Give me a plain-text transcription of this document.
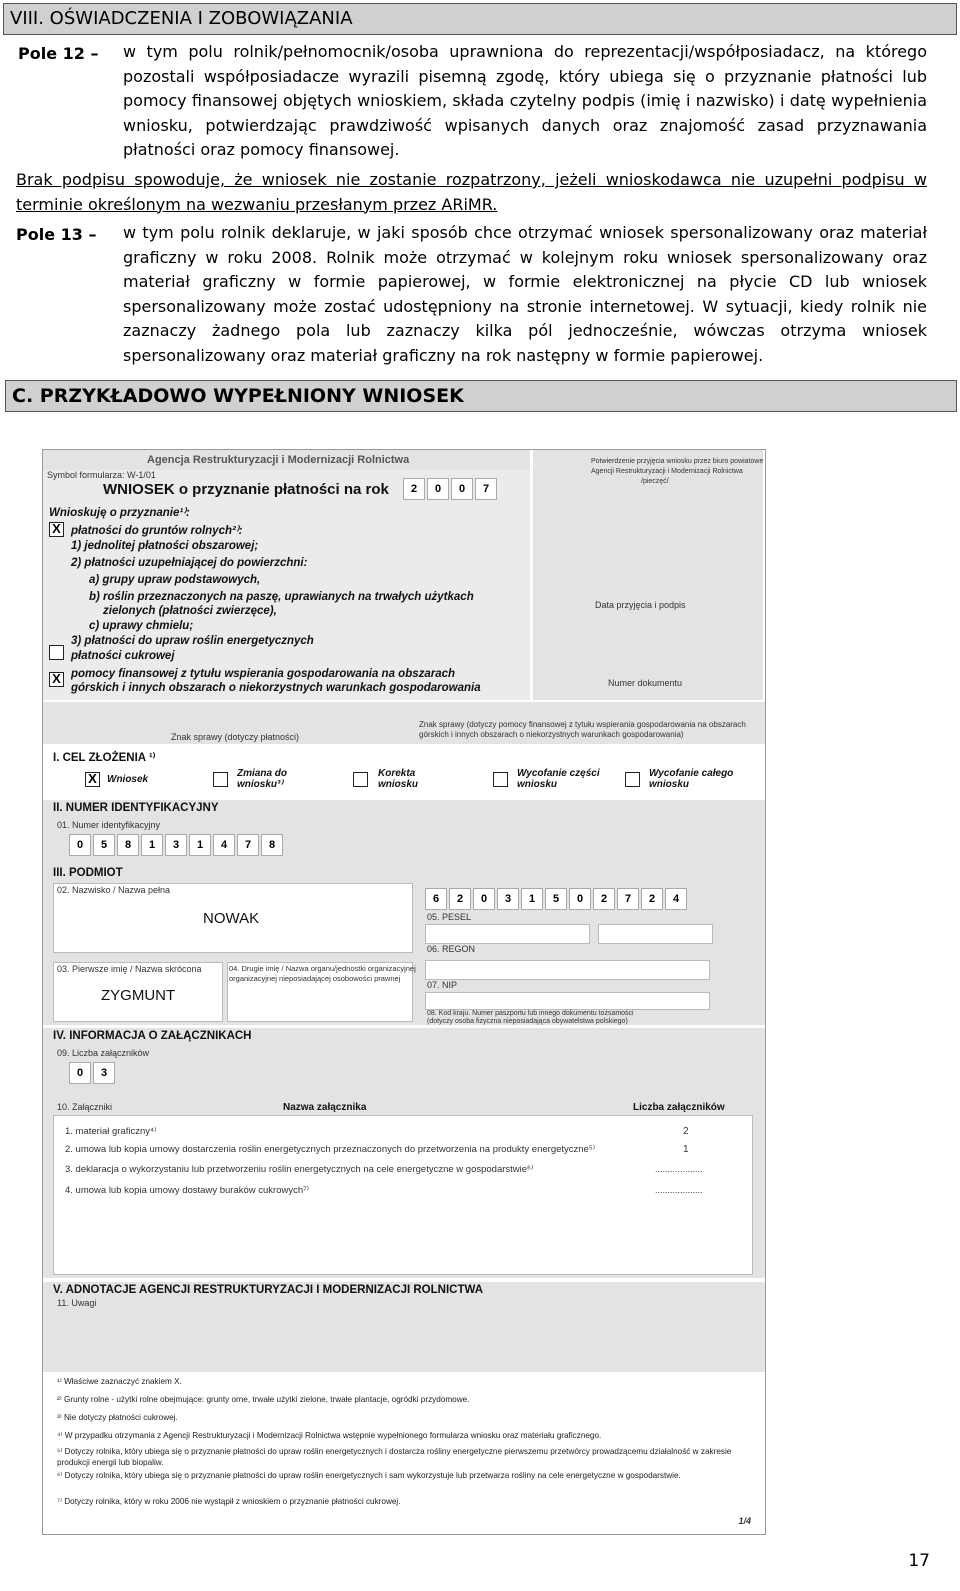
VIII. OŚWIADCZENIA I ZOBOWIĄZANIA
Pole 12 – w tym polu rolnik/pełnomocnik/osoba uprawniona do reprezentacji/współposiadacz, na którego pozostali współposiadacze wyrazili pisemną zgodę, który ubiega się o przyznanie płatności lub pomocy finansowej objętych wnioskiem, składa czytelny podpis (imię i nazwisko) i datę wypełnienia wniosku, potwierdzając prawdziwość wpisanych danych oraz znajomość zasad przyznawania płatności oraz pomocy finansowej.
Brak podpisu spowoduje, że wniosek nie zostanie rozpatrzony, jeżeli wnioskodawca nie uzupełni podpisu w terminie określonym na wezwaniu przesłanym przez ARiMR.
Pole 13 – w tym polu rolnik deklaruje, w jaki sposób chce otrzymać wniosek spersonalizowany oraz materiał graficzny w roku 2008. Rolnik może otrzymać w kolejnym roku wniosek spersonalizowany oraz materiał graficzny w formie papierowej, w formie elektronicznej na płycie CD lub wniosek spersonalizowany może zostać udostępniony na stronie internetowej. W sytuacji, kiedy rolnik nie zaznaczy żadnego pola lub zaznaczy kilka pól jednocześnie, wówczas otrzyma wniosek spersonalizowany oraz materiał graficzny na rok następny w formie papierowej.
C. PRZYKŁADOWO WYPEŁNIONY WNIOSEK
Agencja Restrukturyzacji i Modernizacji Rolnictwa
Symbol formularza: W-1/01
WNIOSEK o przyznanie płatności na rok	2	0	0	7
Wnioskuję o przyznanie¹⁾:
X płatności do gruntów rolnych²⁾:
1) jednolitej płatności obszarowej;
2) płatności uzupełniającej do powierzchni:
a) grupy upraw podstawowych,
b) roślin przeznaczonych na paszę, uprawianych na trwałych użytkach
zielonych (płatności zwierzęce),
c) uprawy chmielu;
3) płatności do upraw roślin energetycznych
płatności cukrowej
pomocy finansowej z tytułu wspierania gospodarowania na obszarach
X
górskich i innych obszarach o niekorzystnych warunkach gospodarowania
Potwierdzenie przyjęcia wniosku przez biuro powiatowe
Agencji Restrukturyzacji i Modernizacji Rolnictwa
/pieczęć/
Data przyjęcia i podpis
Numer dokumentu
Znak sprawy (dotyczy płatności)
Znak sprawy (dotyczy pomocy finansowej z tytułu wspierania gospodarowania na obszarach
górskich i innych obszarach o niekorzystnych warunkach gospodarowania)
I. CEL ZŁOŻENIA ¹⁾
X	Wniosek
Zmiana do wniosku³⁾
Korekta wniosku
Wycofanie części wniosku
Wycofanie całego wniosku
II. NUMER IDENTYFIKACYJNY
01. Numer identyfikacyjny
0	5	8	1	3	1	4	7	8
III. PODMIOT
02. Nazwisko / Nazwa pełna
NOWAK
6	2	0	3	1	5	0	2	7	2	4
05. PESEL
06. REGON
03. Pierwsze imię / Nazwa skrócona
ZYGMUNT
04. Drugie imię / Nazwa organu/jednostki organizacyjnej
organizacyjnej nieposiadającej osobowości prawnej
07. NIP
08. Kod kraju. Numer paszportu lub innego dokumentu tożsamości
(dotyczy osoba fizyczna nieposiadająca obywatelstwa polskiego)
IV. INFORMACJA O ZAŁĄCZNIKACH
09. Liczba załączników
0	3
10. Załączniki	Nazwa załącznika	Liczba załączników
1. materiał graficzny⁴⁾	2
2. umowa lub kopia umowy dostarczenia roślin energetycznych przeznaczonych do przetworzenia na produkty energetyczne⁵⁾	1
3. deklaracja o wykorzystaniu lub przetworzeniu roślin energetycznych na cele energetyczne w gospodarstwie⁶⁾	...................
4. umowa lub kopia umowy dostawy buraków cukrowych⁷⁾	...................
V. ADNOTACJE AGENCJI RESTRUKTURYZACJI I MODERNIZACJI ROLNICTWA
11. Uwagi
¹⁾ Właściwe zaznaczyć znakiem X.
²⁾ Grunty rolne - użytki rolne obejmujące: grunty orne, trwałe użytki zielone, trwałe plantacje, ogródki przydomowe.
³⁾ Nie dotyczy płatności cukrowej.
⁴⁾ W przypadku otrzymania z Agencji Restrukturyzacji i Modernizacji Rolnictwa wstępnie wypełnionego formularza wniosku oraz materiału graficznego.
⁵⁾ Dotyczy rolnika, który ubiega się o przyznanie płatności do upraw roślin energetycznych i dostarcza rośliny energetyczne pierwszemu przetwórcy prowadzącemu działalność w zakresie produkcji energii lub biopaliw.
⁶⁾ Dotyczy rolnika, który ubiega się o przyznanie płatności do upraw roślin energetycznych i sam wykorzystuje lub przetwarza rośliny na cele energetyczne w gospodarstwie.
⁷⁾ Dotyczy rolnika, który w roku 2006 nie wystąpił z wnioskiem o przyznanie płatności cukrowej.
1/4
17
